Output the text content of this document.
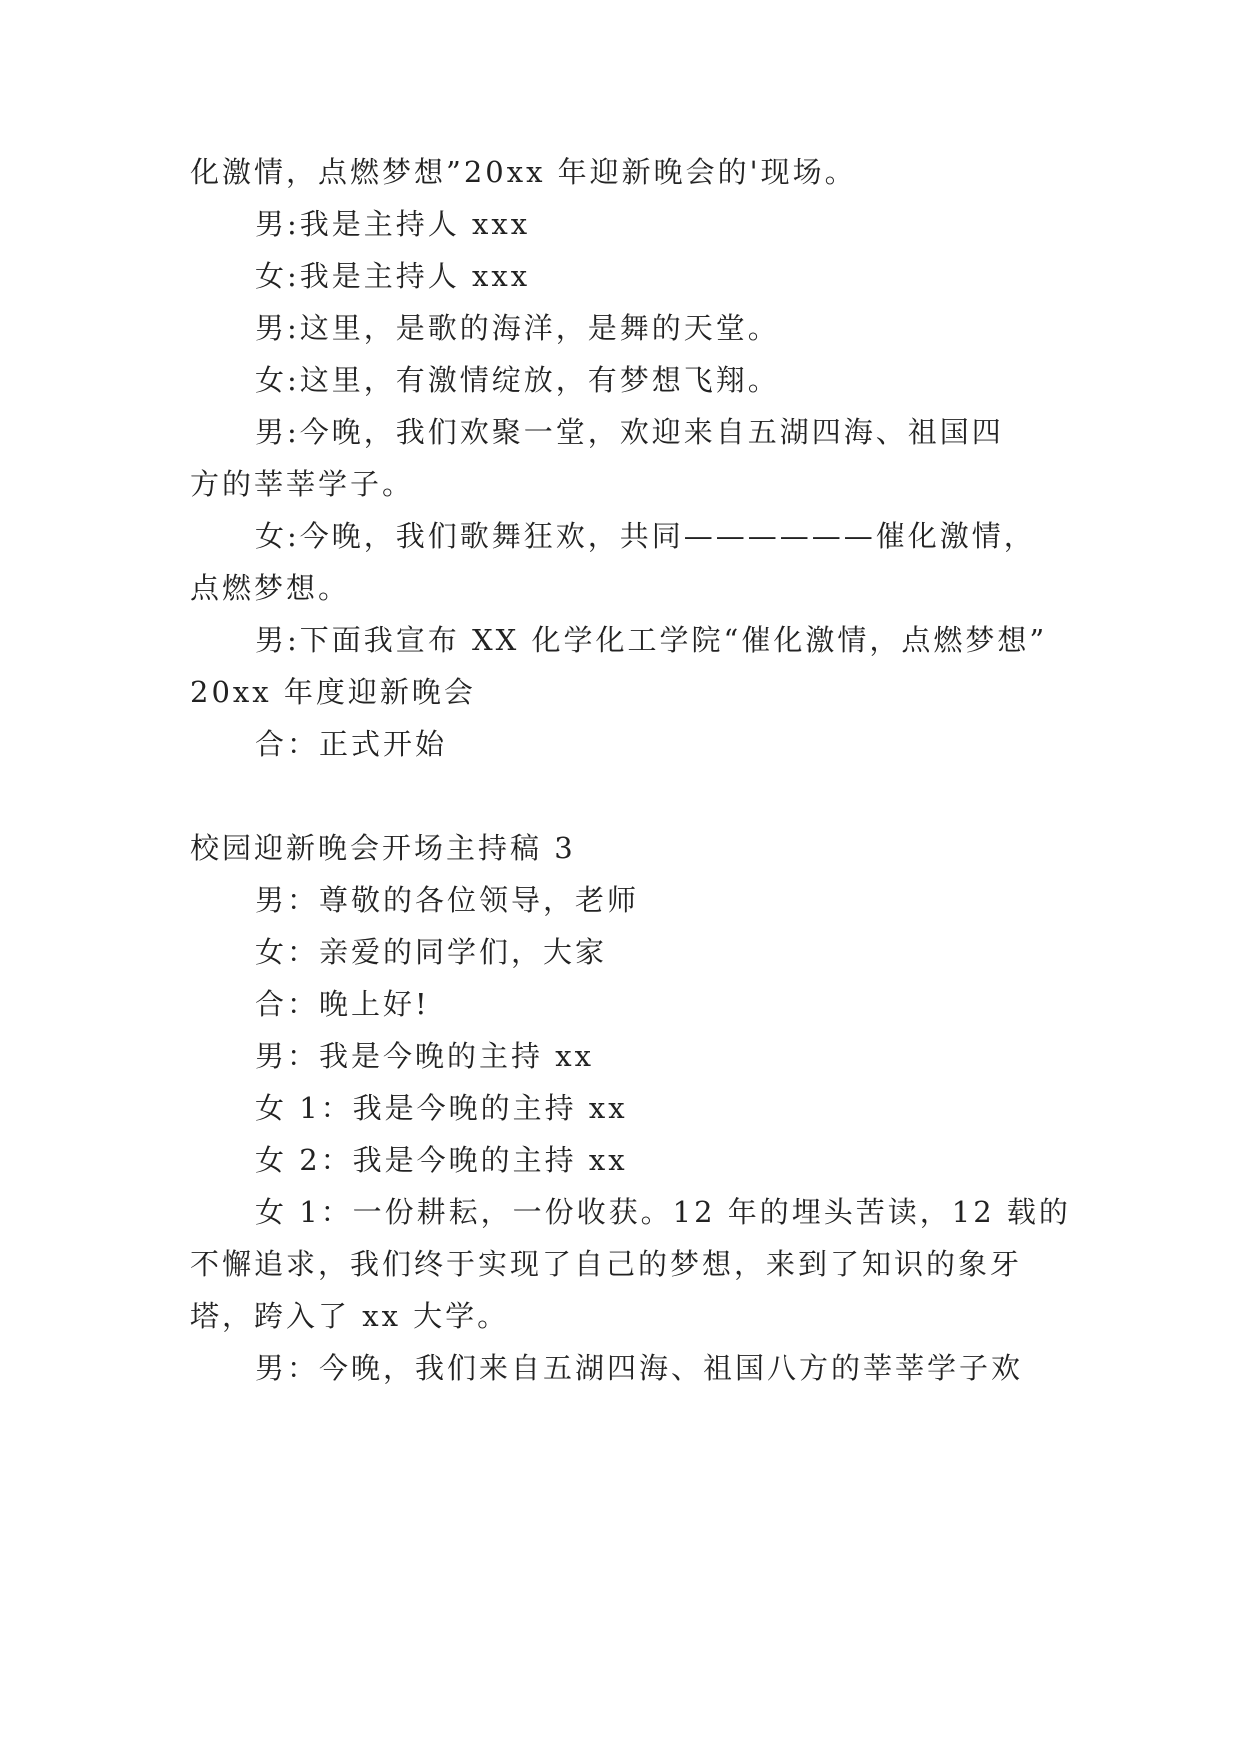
化激情，点燃梦想”20xx 年迎新晚会的'现场。
男:我是主持人 xxx
女:我是主持人 xxx
男:这里，是歌的海洋，是舞的天堂。
女:这里，有激情绽放，有梦想飞翔。
男:今晚，我们欢聚一堂，欢迎来自五湖四海、祖国四
方的莘莘学子。
女:今晚，我们歌舞狂欢，共同——————催化激情，
点燃梦想。
男:下面我宣布 XX 化学化工学院“催化激情，点燃梦想”
20xx 年度迎新晚会
合：正式开始
校园迎新晚会开场主持稿 3
男：尊敬的各位领导，老师
女：亲爱的同学们，大家
合：晚上好!
男：我是今晚的主持 xx
女 1：我是今晚的主持 xx
女 2：我是今晚的主持 xx
女 1：一份耕耘，一份收获。12 年的埋头苦读，12 载的
不懈追求，我们终于实现了自己的梦想，来到了知识的象牙
塔，跨入了 xx 大学。
男：今晚，我们来自五湖四海、祖国八方的莘莘学子欢
